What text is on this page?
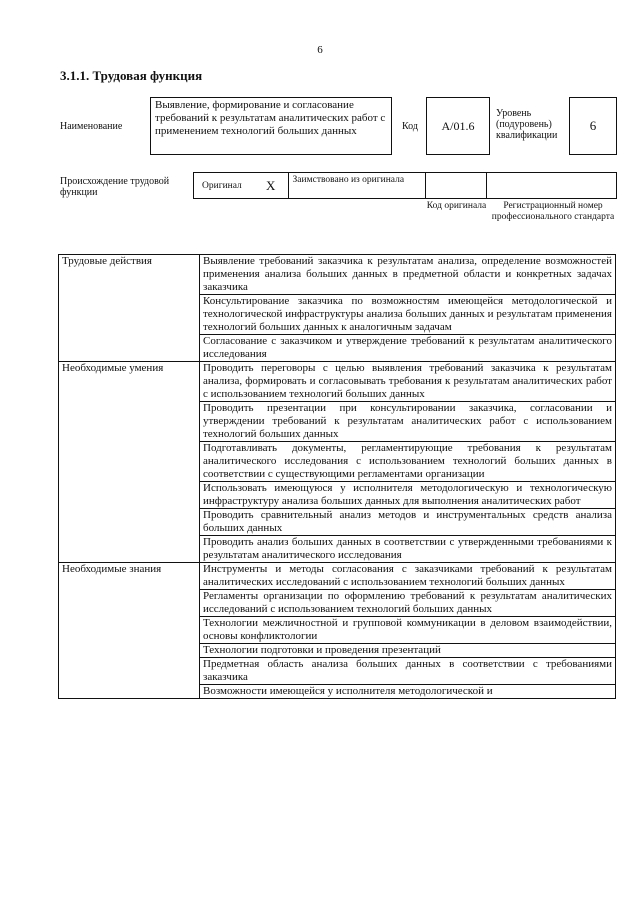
6
3.1.1. Трудовая функция
Наименование
Выявление, формирование и согласование требований к результатам аналитических работ с применением технологий больших данных	Код	A/01.6
Уровень (подуровень) квалификации
6
Происхождение трудовой функции
Оригинал X Заимствовано из оригинала
Код оригинала	Регистрационный номер профессионального стандарта
Трудовые действия	Выявление требований заказчика к результатам анализа, определение возможностей применения анализа больших данных в предметной области и конкретных задачах заказчика
	Консультирование заказчика по возможностям имеющейся методологической и технологической инфраструктуры анализа больших данных и результатам применения технологий больших данных к аналогичным задачам
	Согласование с заказчиком и утверждение требований к результатам аналитического исследования
Необходимые умения	Проводить переговоры с целью выявления требований заказчика к результатам анализа, формировать и согласовывать требования к результатам аналитических работ с использованием технологий больших данных
	Проводить презентации при консультировании заказчика, согласовании и утверждении требований к результатам аналитических работ с использованием технологий больших данных
	Подготавливать документы, регламентирующие требования к результатам аналитического исследования с использованием технологий больших данных в соответствии с существующими регламентами организации
	Использовать имеющуюся у исполнителя методологическую и технологическую инфраструктуру анализа больших данных для выполнения аналитических работ
	Проводить сравнительный анализ методов и инструментальных средств анализа больших данных
	Проводить анализ больших данных в соответствии с утвержденными требованиями к результатам аналитического исследования
Необходимые знания	Инструменты и методы согласования с заказчиками требований к результатам аналитических исследований с использованием технологий больших данных
	Регламенты организации по оформлению требований к результатам аналитических исследований с использованием технологий больших данных
	Технологии межличностной и групповой коммуникации в деловом взаимодействии, основы конфликтологии
	Технологии подготовки и проведения презентаций
	Предметная область анализа больших данных в соответствии с требованиями заказчика
	Возможности имеющейся у исполнителя методологической и
